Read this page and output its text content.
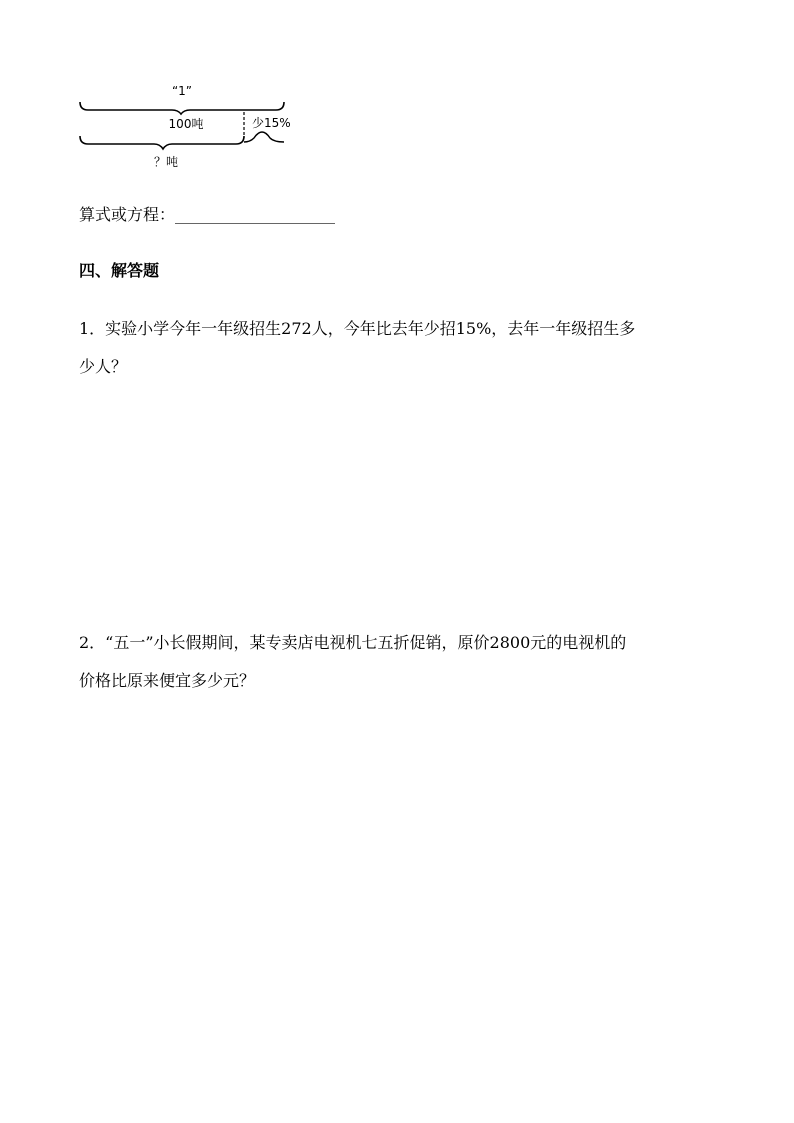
“1”
100吨	少15%
？吨
算式或方程：____________________
四、解答题
1．实验小学今年一年级招生272人，今年比去年少招15%，去年一年级招生多
少人？
2．“五一”小长假期间，某专卖店电视机七五折促销，原价2800元的电视机的
价格比原来便宜多少元？
